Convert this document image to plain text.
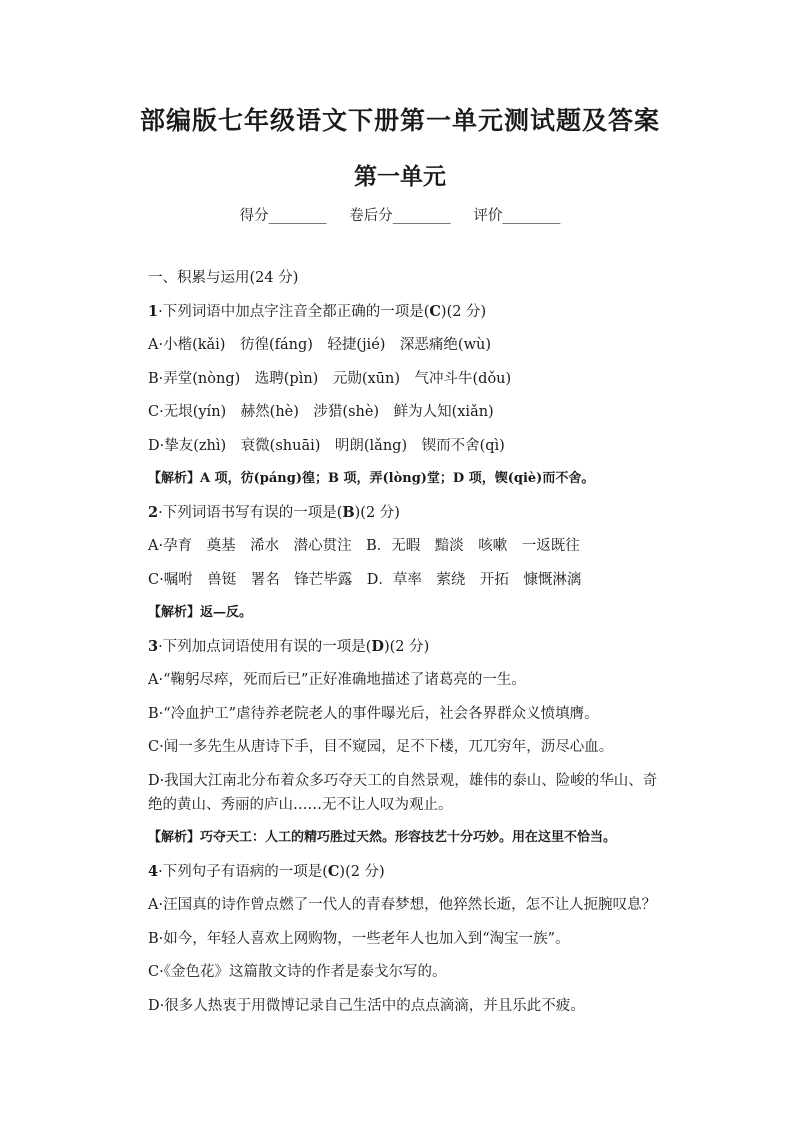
部编版七年级语文下册第一单元测试题及答案
第一单元
得分________ 卷后分________ 评价________
一、积累与运用(24 分)
1·下列词语中加点字注音全都正确的一项是(C)(2 分)
A·小楷(kǎi)　彷徨(fáng)　轻捷(jié)　深恶痛绝(wù)
B·弄堂(nòng)　选聘(pìn)　元勋(xūn)　气冲斗牛(dǒu)
C·无垠(yín)　赫然(hè)　涉猎(shè)　鲜为人知(xiǎn)
D·挚友(zhì)　衰微(shuāi)　明朗(lǎng)　锲而不舍(qì)
【解析】A 项，彷(páng)徨；B 项，弄(lòng)堂；D 项，锲(qiè)而不舍。
2·下列词语书写有误的一项是(B)(2 分)
A·孕育　奠基　浠水　潜心贯注　B．无暇　黯淡　咳嗽　一返既往
C·嘱咐　兽铤　署名　锋芒毕露　D．草率　萦绕　开拓　慷慨淋漓
【解析】返—反。
3·下列加点词语使用有误的一项是(D)(2 分)
A·“鞠躬尽瘁，死而后已”正好准确地描述了诸葛亮的一生。
B·“冷血护工”虐待养老院老人的事件曝光后，社会各界群众义愤填膺。
C·闻一多先生从唐诗下手，目不窥园，足不下楼，兀兀穷年，沥尽心血。
D·我国大江南北分布着众多巧夺天工的自然景观，雄伟的泰山、险峻的华山、奇绝的黄山、秀丽的庐山……无不让人叹为观止。
【解析】巧夺天工：人工的精巧胜过天然。形容技艺十分巧妙。用在这里不恰当。
4·下列句子有语病的一项是(C)(2 分)
A·汪国真的诗作曾点燃了一代人的青春梦想，他猝然长逝，怎不让人扼腕叹息？
B·如今，年轻人喜欢上网购物，一些老年人也加入到“淘宝一族”。
C·《金色花》这篇散文诗的作者是泰戈尔写的。
D·很多人热衷于用微博记录自己生活中的点点滴滴，并且乐此不疲。
